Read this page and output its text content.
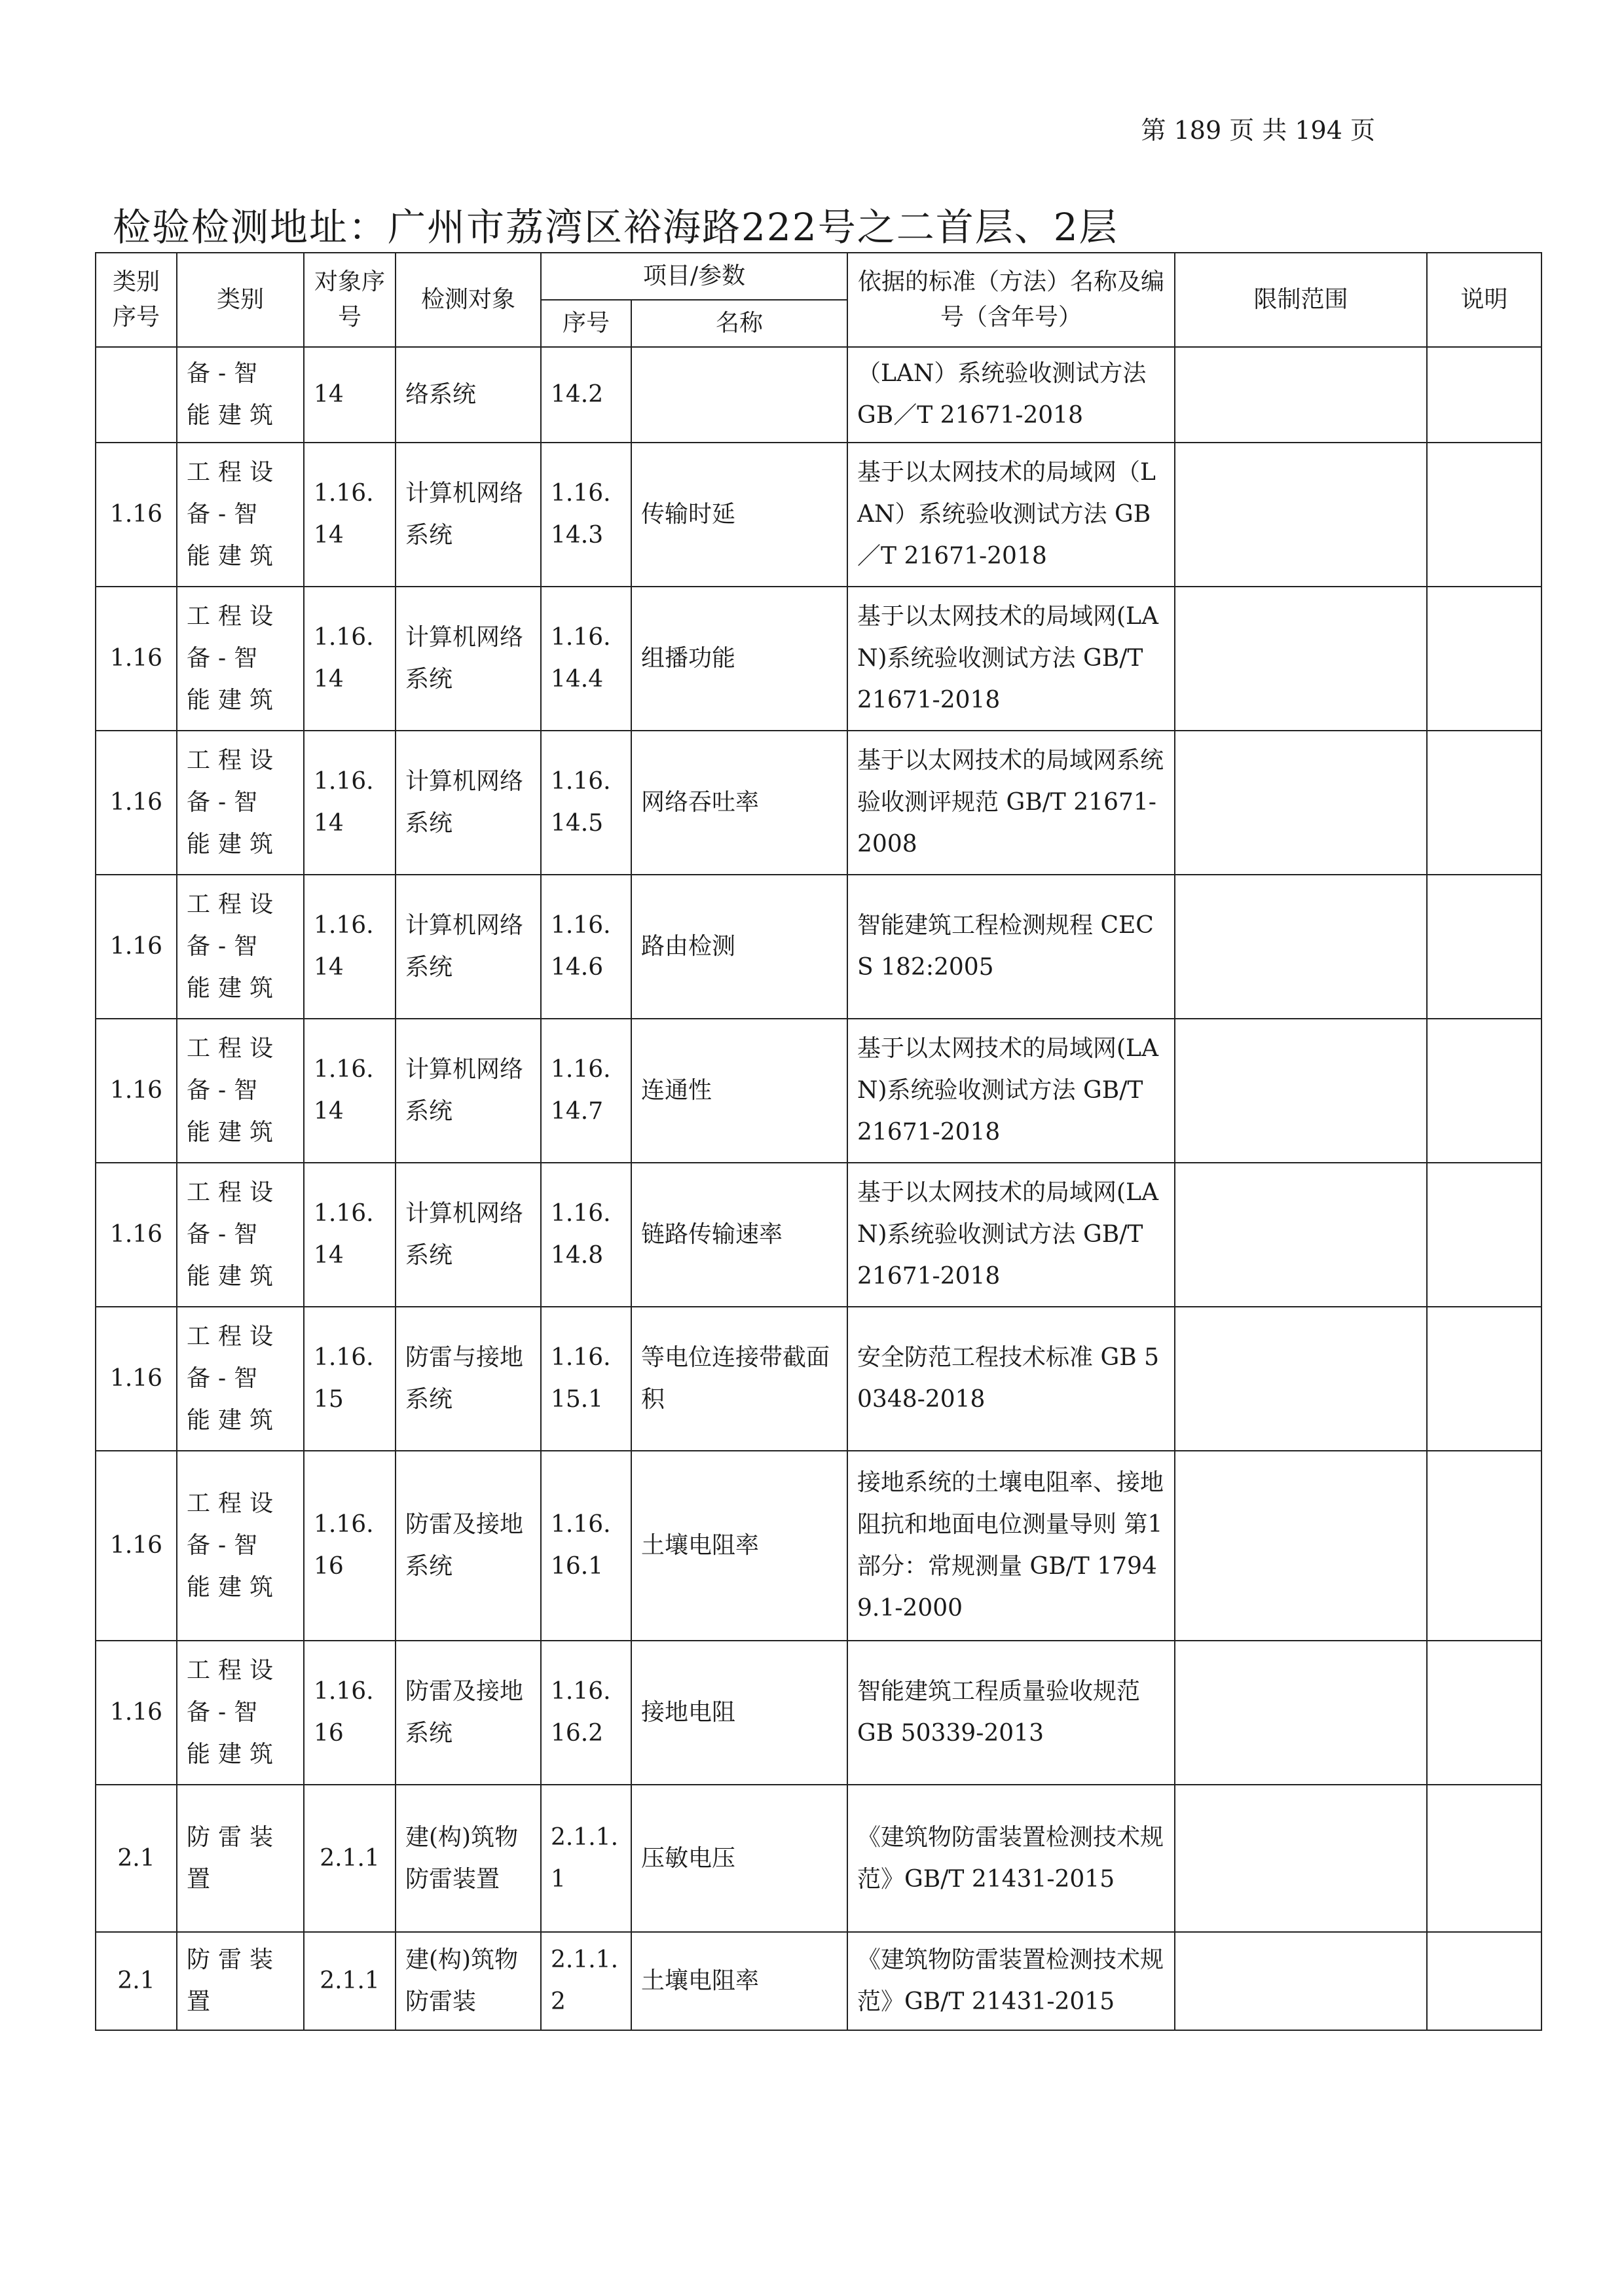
第 189 页 共 194 页
检验检测地址：广州市荔湾区裕海路222号之二首层、2层
类别序号	类别	对象序号	检测对象	项目/参数		依据的标准（方法）名称及编号（含年号）	限制范围	说明
				序号	名称			
	备-智能建筑	14	络系统	14.2		（LAN）系统验收测试方法 GB／T 21671-2018		
1.16	工程设备-智能建筑	1.16.14	计算机网络系统	1.16.14.3	传输时延	基于以太网技术的局域网（LAN）系统验收测试方法 GB／T 21671-2018		
1.16	工程设备-智能建筑	1.16.14	计算机网络系统	1.16.14.4	组播功能	基于以太网技术的局域网(LAN)系统验收测试方法 GB/T 21671-2018		
1.16	工程设备-智能建筑	1.16.14	计算机网络系统	1.16.14.5	网络吞吐率	基于以太网技术的局域网系统验收测评规范 GB/T 21671-2008		
1.16	工程设备-智能建筑	1.16.14	计算机网络系统	1.16.14.6	路由检测	智能建筑工程检测规程 CECS 182:2005		
1.16	工程设备-智能建筑	1.16.14	计算机网络系统	1.16.14.7	连通性	基于以太网技术的局域网(LAN)系统验收测试方法 GB/T 21671-2018		
1.16	工程设备-智能建筑	1.16.14	计算机网络系统	1.16.14.8	链路传输速率	基于以太网技术的局域网(LAN)系统验收测试方法 GB/T 21671-2018		
1.16	工程设备-智能建筑	1.16.15	防雷与接地系统	1.16.15.1	等电位连接带截面积	安全防范工程技术标准 GB 50348-2018		
1.16	工程设备-智能建筑	1.16.16	防雷及接地系统	1.16.16.1	土壤电阻率	接地系统的土壤电阻率、接地阻抗和地面电位测量导则 第1部分：常规测量 GB/T 17949.1-2000		
1.16	工程设备-智能建筑	1.16.16	防雷及接地系统	1.16.16.2	接地电阻	智能建筑工程质量验收规范 GB 50339-2013		
2.1	防雷装置	2.1.1	建(构)筑物防雷装置	2.1.1.1	压敏电压	《建筑物防雷装置检测技术规范》GB/T 21431-2015		
2.1	防雷装置	2.1.1	建(构)筑物防雷装	2.1.1.2	土壤电阻率	《建筑物防雷装置检测技术规范》GB/T 21431-2015		
